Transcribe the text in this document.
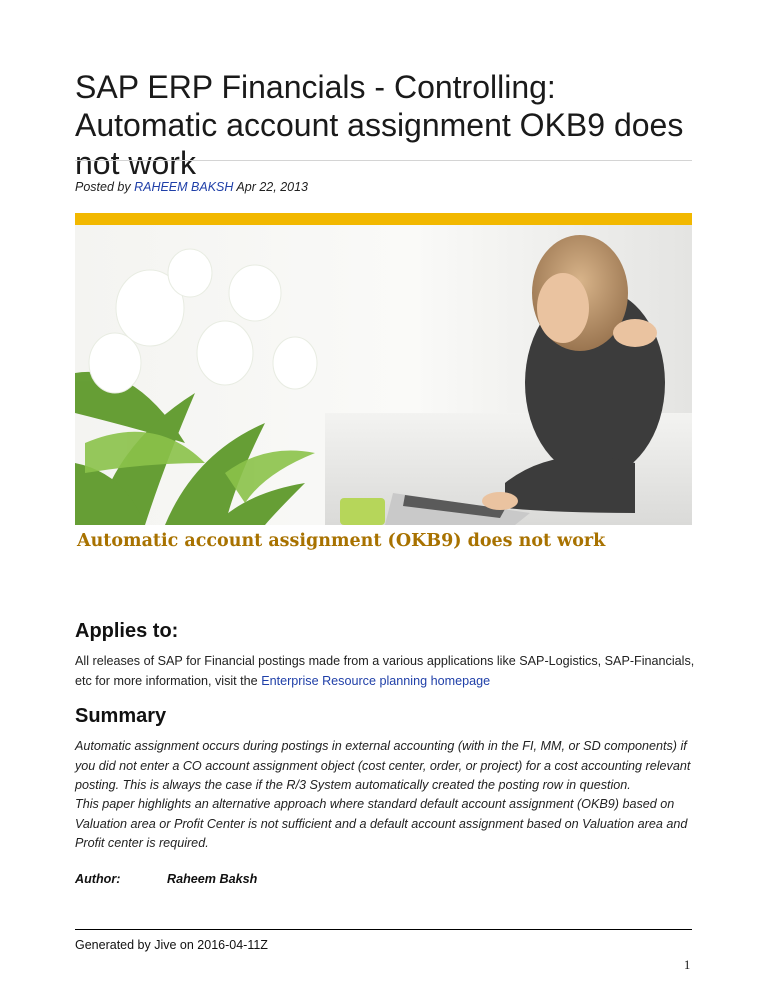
SAP ERP Financials - Controlling: Automatic account assignment OKB9 does not work
Posted by RAHEEM BAKSH Apr 22, 2013
Automatic account assignment (OKB9) does not work
Applies to:

All releases of SAP for Financial postings made from a various applications like SAP-Logistics, SAP-Financials, etc for more information, visit the Enterprise Resource planning homepage

Summary

Automatic assignment occurs during postings in external accounting (with in the FI, MM, or SD components) if you did not enter a CO account assignment object (cost center, order, or project) for a cost accounting relevant posting. This is always the case if the R/3 System automatically created the posting row in question.

This paper highlights an alternative approach where standard default account assignment (OKB9) based on Valuation area or Profit Center is not sufficient and a default account assignment based on Valuation area and Profit center is required.

Author:	Raheem Baksh
Generated by Jive on 2016-04-11Z
1
